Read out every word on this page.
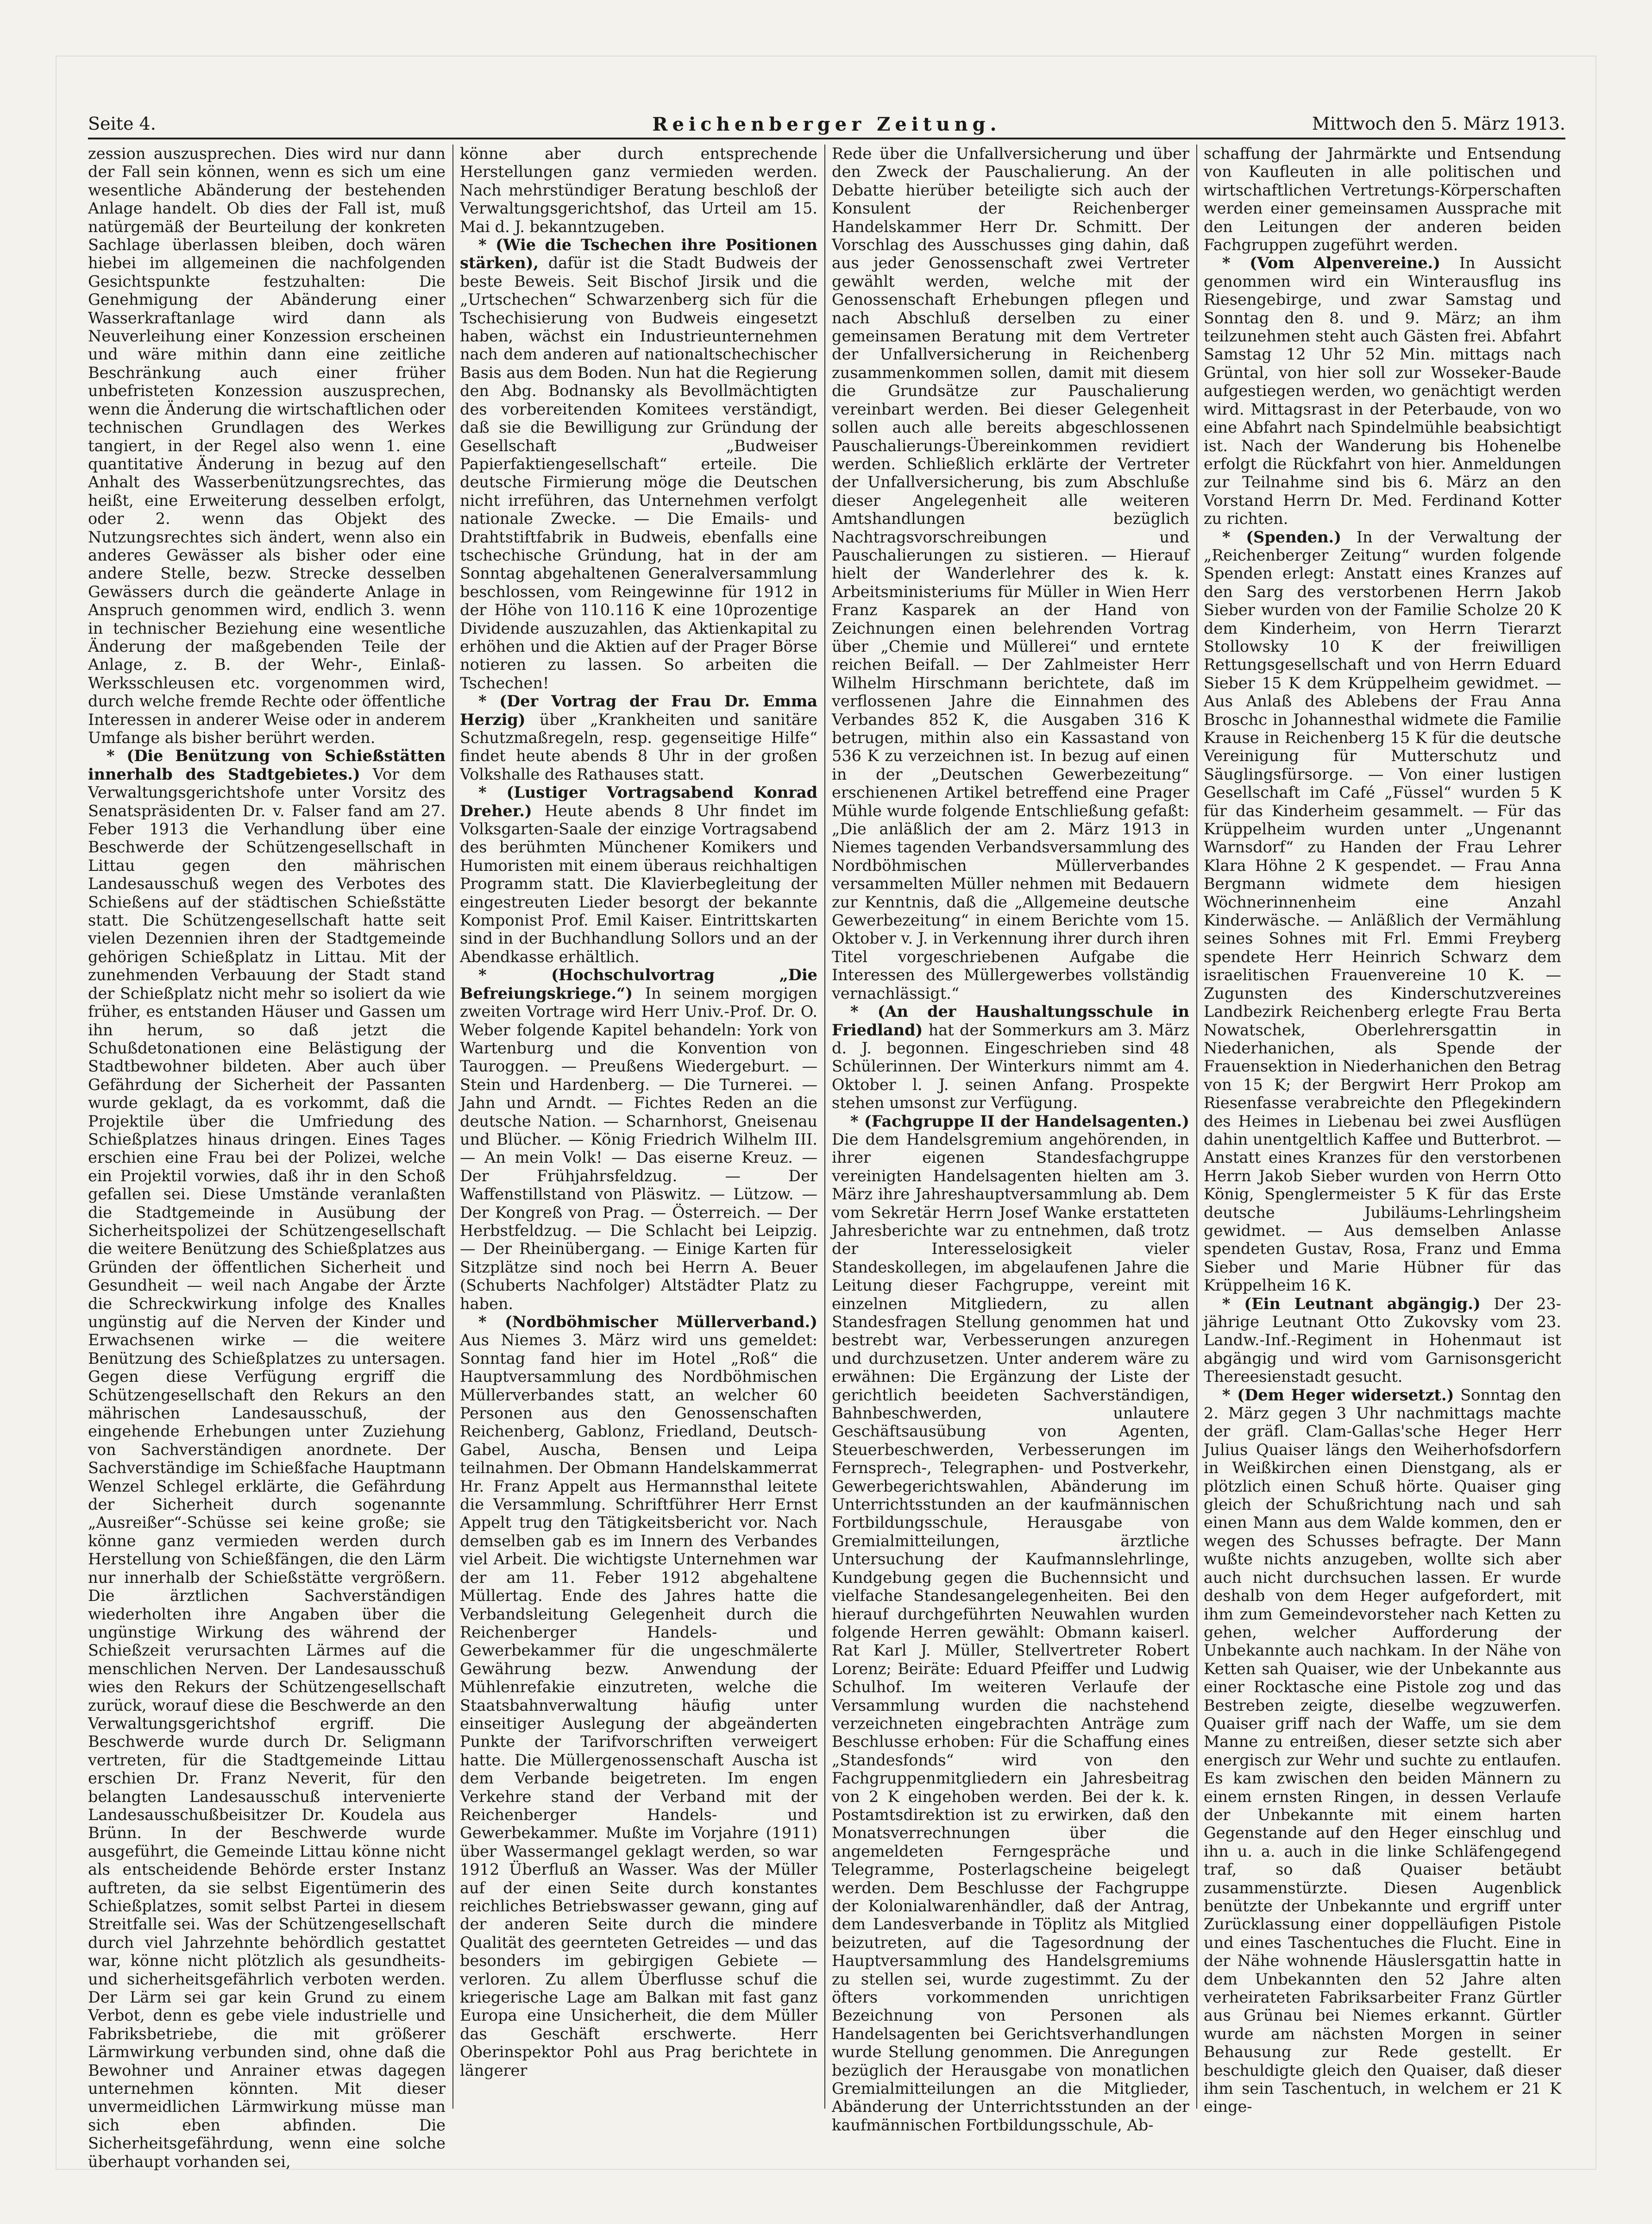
Seite 4.	Reichenberger Zeitung.	Mittwoch den 5. März 1913.

zession auszusprechen. Dies wird nur dann der Fall sein können, wenn es sich um eine wesentliche Abänderung der bestehenden Anlage handelt. Ob dies der Fall ist, muß natürgemäß der Beurteilung der konkreten Sachlage überlassen bleiben, doch wären hiebei im allgemeinen die nachfolgenden Gesichtspunkte festzuhalten: Die Genehmigung der Abänderung einer Wasserkraftanlage wird dann als Neuverleihung einer Konzession erscheinen und wäre mithin dann eine zeitliche Beschränkung auch einer früher unbefristeten Konzession auszusprechen, wenn die Änderung die wirtschaftlichen oder technischen Grundlagen des Werkes tangiert, in der Regel also wenn 1. eine quantitative Änderung in bezug auf den Anhalt des Wasserbenützungsrechtes, das heißt, eine Erweiterung desselben erfolgt, oder 2. wenn das Objekt des Nutzungsrechtes sich ändert, wenn also ein anderes Gewässer als bisher oder eine andere Stelle, bezw. Strecke desselben Gewässers durch die geänderte Anlage in Anspruch genommen wird, endlich 3. wenn in technischer Beziehung eine wesentliche Änderung der maßgebenden Teile der Anlage, z. B. der Wehr-, Einlaß-Werksschleusen etc. vorgenommen wird, durch welche fremde Rechte oder öffentliche Interessen in anderer Weise oder in anderem Umfange als bisher berührt werden.

* (Die Benützung von Schießstätten innerhalb des Stadtgebietes.) Vor dem Verwaltungsgerichtshofe unter Vorsitz des Senatspräsidenten Dr. v. Falser fand am 27. Feber 1913 die Verhandlung über eine Beschwerde der Schützengesellschaft in Littau gegen den mährischen Landesausschuß wegen des Verbotes des Schießens auf der städtischen Schießstätte statt. Die Schützengesellschaft hatte seit vielen Dezennien ihren der Stadtgemeinde gehörigen Schießplatz in Littau. Mit der zunehmenden Verbauung der Stadt stand der Schießplatz nicht mehr so isoliert da wie früher, es entstanden Häuser und Gassen um ihn herum, so daß jetzt die Schußdetonationen eine Belästigung der Stadtbewohner bildeten. Aber auch über Gefährdung der Sicherheit der Passanten wurde geklagt, da es vorkommt, daß die Projektile über die Umfriedung des Schießplatzes hinaus dringen. Eines Tages erschien eine Frau bei der Polizei, welche ein Projektil vorwies, daß ihr in den Schoß gefallen sei. Diese Umstände veranlaßten die Stadtgemeinde in Ausübung der Sicherheitspolizei der Schützengesellschaft die weitere Benützung des Schießplatzes aus Gründen der öffentlichen Sicherheit und Gesundheit — weil nach Angabe der Ärzte die Schreckwirkung infolge des Knalles ungünstig auf die Nerven der Kinder und Erwachsenen wirke — die weitere Benützung des Schießplatzes zu untersagen. Gegen diese Verfügung ergriff die Schützengesellschaft den Rekurs an den mährischen Landesausschuß, der eingehende Erhebungen unter Zuziehung von Sachverständigen anordnete. Der Sachverständige im Schießfache Hauptmann Wenzel Schlegel erklärte, die Gefährdung der Sicherheit durch sogenannte „Ausreißer“-Schüsse sei keine große; sie könne ganz vermieden werden durch Herstellung von Schießfängen, die den Lärm nur innerhalb der Schießstätte vergrößern. Die ärztlichen Sachverständigen wiederholten ihre Angaben über die ungünstige Wirkung des während der Schießzeit verursachten Lärmes auf die menschlichen Nerven. Der Landesausschuß wies den Rekurs der Schützengesellschaft zurück, worauf diese die Beschwerde an den Verwaltungsgerichtshof ergriff. Die Beschwerde wurde durch Dr. Seligmann vertreten, für die Stadtgemeinde Littau erschien Dr. Franz Neverit, für den belangten Landesausschuß intervenierte Landesausschußbeisitzer Dr. Koudela aus Brünn. In der Beschwerde wurde ausgeführt, die Gemeinde Littau könne nicht als entscheidende Behörde erster Instanz auftreten, da sie selbst Eigentümerin des Schießplatzes, somit selbst Partei in diesem Streitfalle sei. Was der Schützengesellschaft durch viel Jahrzehnte behördlich gestattet war, könne nicht plötzlich als gesundheits- und sicherheitsgefährlich verboten werden. Der Lärm sei gar kein Grund zu einem Verbot, denn es gebe viele industrielle und Fabriksbetriebe, die mit größerer Lärmwirkung verbunden sind, ohne daß die Bewohner und Anrainer etwas dagegen unternehmen könnten. Mit dieser unvermeidlichen Lärmwirkung müsse man sich eben abfinden. Die Sicherheitsgefährdung, wenn eine solche überhaupt vorhanden sei,

könne aber durch entsprechende Herstellungen ganz vermieden werden. Nach mehrstündiger Beratung beschloß der Verwaltungsgerichtshof, das Urteil am 15. Mai d. J. bekanntzugeben.

* (Wie die Tschechen ihre Positionen stärken), dafür ist die Stadt Budweis der beste Beweis. Seit Bischof Jirsik und die „Urtschechen“ Schwarzenberg sich für die Tschechisierung von Budweis eingesetzt haben, wächst ein Industrieunternehmen nach dem anderen auf nationaltschechischer Basis aus dem Boden. Nun hat die Regierung den Abg. Bodnansky als Bevollmächtigten des vorbereitenden Komitees verständigt, daß sie die Bewilligung zur Gründung der Gesellschaft „Budweiser Papierfaktiengesellschaft“ erteile. Die deutsche Firmierung möge die Deutschen nicht irreführen, das Unternehmen verfolgt nationale Zwecke. — Die Emails- und Drahtstiftfabrik in Budweis, ebenfalls eine tschechische Gründung, hat in der am Sonntag abgehaltenen Generalversammlung beschlossen, vom Reingewinne für 1912 in der Höhe von 110.116 K eine 10prozentige Dividende auszuzahlen, das Aktienkapital zu erhöhen und die Aktien auf der Prager Börse notieren zu lassen. So arbeiten die Tschechen!

* (Der Vortrag der Frau Dr. Emma Herzig) über „Krankheiten und sanitäre Schutzmaßregeln, resp. gegenseitige Hilfe“ findet heute abends 8 Uhr in der großen Volkshalle des Rathauses statt.

* (Lustiger Vortragsabend Konrad Dreher.) Heute abends 8 Uhr findet im Volksgarten-Saale der einzige Vortragsabend des berühmten Münchener Komikers und Humoristen mit einem überaus reichhaltigen Programm statt. Die Klavierbegleitung der eingestreuten Lieder besorgt der bekannte Komponist Prof. Emil Kaiser. Eintrittskarten sind in der Buchhandlung Sollors und an der Abendkasse erhältlich.

* (Hochschulvortrag „Die Befreiungskriege.“) In seinem morgigen zweiten Vortrage wird Herr Univ.-Prof. Dr. O. Weber folgende Kapitel behandeln: York von Wartenburg und die Konvention von Tauroggen. — Preußens Wiedergeburt. — Stein und Hardenberg. — Die Turnerei. — Jahn und Arndt. — Fichtes Reden an die deutsche Nation. — Scharnhorst, Gneisenau und Blücher. — König Friedrich Wilhelm III. — An mein Volk! — Das eiserne Kreuz. — Der Frühjahrsfeldzug. — Der Waffenstillstand von Pläswitz. — Lützow. — Der Kongreß von Prag. — Österreich. — Der Herbstfeldzug. — Die Schlacht bei Leipzig. — Der Rheinübergang. — Einige Karten für Sitzplätze sind noch bei Herrn A. Beuer (Schuberts Nachfolger) Altstädter Platz zu haben.

* (Nordböhmischer Müllerverband.) Aus Niemes 3. März wird uns gemeldet: Sonntag fand hier im Hotel „Roß“ die Hauptversammlung des Nordböhmischen Müllerverbandes statt, an welcher 60 Personen aus den Genossenschaften Reichenberg, Gablonz, Friedland, Deutsch-Gabel, Auscha, Bensen und Leipa teilnahmen. Der Obmann Handelskammerrat Hr. Franz Appelt aus Hermannsthal leitete die Versammlung. Schriftführer Herr Ernst Appelt trug den Tätigkeitsbericht vor. Nach demselben gab es im Innern des Verbandes viel Arbeit. Die wichtigste Unternehmen war der am 11. Feber 1912 abgehaltene Müllertag. Ende des Jahres hatte die Verbandsleitung Gelegenheit durch die Reichenberger Handels- und Gewerbekammer für die ungeschmälerte Gewährung bezw. Anwendung der Mühlenrefakie einzutreten, welche die Staatsbahnverwaltung häufig unter einseitiger Auslegung der abgeänderten Punkte der Tarifvorschriften verweigert hatte. Die Müllergenossenschaft Auscha ist dem Verbande beigetreten. Im engen Verkehre stand der Verband mit der Reichenberger Handels- und Gewerbekammer. Mußte im Vorjahre (1911) über Wassermangel geklagt werden, so war 1912 Überfluß an Wasser. Was der Müller auf der einen Seite durch konstantes reichliches Betriebswasser gewann, ging auf der anderen Seite durch die mindere Qualität des geernteten Getreides — und das besonders im gebirgigen Gebiete — verloren. Zu allem Überflusse schuf die kriegerische Lage am Balkan mit fast ganz Europa eine Unsicherheit, die dem Müller das Geschäft erschwerte. Herr Oberinspektor Pohl aus Prag berichtete in längerer

Rede über die Unfallversicherung und über den Zweck der Pauschalierung. An der Debatte hierüber beteiligte sich auch der Konsulent der Reichenberger Handelskammer Herr Dr. Schmitt. Der Vorschlag des Ausschusses ging dahin, daß aus jeder Genossenschaft zwei Vertreter gewählt werden, welche mit der Genossenschaft Erhebungen pflegen und nach Abschluß derselben zu einer gemeinsamen Beratung mit dem Vertreter der Unfallversicherung in Reichenberg zusammenkommen sollen, damit mit diesem die Grundsätze zur Pauschalierung vereinbart werden. Bei dieser Gelegenheit sollen auch alle bereits abgeschlossenen Pauschalierungs-Übereinkommen revidiert werden. Schließlich erklärte der Vertreter der Unfallversicherung, bis zum Abschluße dieser Angelegenheit alle weiteren Amtshandlungen bezüglich Nachtragsvorschreibungen und Pauschalierungen zu sistieren. — Hierauf hielt der Wanderlehrer des k. k. Arbeitsministeriums für Müller in Wien Herr Franz Kasparek an der Hand von Zeichnungen einen belehrenden Vortrag über „Chemie und Müllerei“ und erntete reichen Beifall. — Der Zahlmeister Herr Wilhelm Hirschmann berichtete, daß im verflossenen Jahre die Einnahmen des Verbandes 852 K, die Ausgaben 316 K betrugen, mithin also ein Kassastand von 536 K zu verzeichnen ist. In bezug auf einen in der „Deutschen Gewerbezeitung“ erschienenen Artikel betreffend eine Prager Mühle wurde folgende Entschließung gefaßt: „Die anläßlich der am 2. März 1913 in Niemes tagenden Verbandsversammlung des Nordböhmischen Müllerverbandes versammelten Müller nehmen mit Bedauern zur Kenntnis, daß die „Allgemeine deutsche Gewerbezeitung“ in einem Berichte vom 15. Oktober v. J. in Verkennung ihrer durch ihren Titel vorgeschriebenen Aufgabe die Interessen des Müllergewerbes vollständig vernachlässigt.“

* (An der Haushaltungsschule in Friedland) hat der Sommerkurs am 3. März d. J. begonnen. Eingeschrieben sind 48 Schülerinnen. Der Winterkurs nimmt am 4. Oktober l. J. seinen Anfang. Prospekte stehen umsonst zur Verfügung.

* (Fachgruppe II der Handelsagenten.) Die dem Handelsgremium angehörenden, in ihrer eigenen Standesfachgruppe vereinigten Handelsagenten hielten am 3. März ihre Jahreshauptversammlung ab. Dem vom Sekretär Herrn Josef Wanke erstatteten Jahresberichte war zu entnehmen, daß trotz der Interesselosigkeit vieler Standeskollegen, im abgelaufenen Jahre die Leitung dieser Fachgruppe, vereint mit einzelnen Mitgliedern, zu allen Standesfragen Stellung genommen hat und bestrebt war, Verbesserungen anzuregen und durchzusetzen. Unter anderem wäre zu erwähnen: Die Ergänzung der Liste der gerichtlich beeideten Sachverständigen, Bahnbeschwerden, unlautere Geschäftsausübung von Agenten, Steuerbeschwerden, Verbesserungen im Fernsprech-, Telegraphen- und Postverkehr, Gewerbegerichtswahlen, Abänderung im Unterrichtsstunden an der kaufmännischen Fortbildungsschule, Herausgabe von Gremialmitteilungen, ärztliche Untersuchung der Kaufmannslehrlinge, Kundgebung gegen die Buchennsicht und vielfache Standesangelegenheiten. Bei den hierauf durchgeführten Neuwahlen wurden folgende Herren gewählt: Obmann kaiserl. Rat Karl J. Müller, Stellvertreter Robert Lorenz; Beiräte: Eduard Pfeiffer und Ludwig Schulhof. Im weiteren Verlaufe der Versammlung wurden die nachstehend verzeichneten eingebrachten Anträge zum Beschlusse erhoben: Für die Schaffung eines „Standesfonds“ wird von den Fachgruppenmitgliedern ein Jahresbeitrag von 2 K eingehoben werden. Bei der k. k. Postamtsdirektion ist zu erwirken, daß den Monatsverrechnungen über die angemeldeten Ferngespräche und Telegramme, Posterlagscheine beigelegt werden. Dem Beschlusse der Fachgruppe der Kolonialwarenhändler, daß der Antrag, dem Landesverbande in Töplitz als Mitglied beizutreten, auf die Tagesordnung der Hauptversammlung des Handelsgremiums zu stellen sei, wurde zugestimmt. Zu der öfters vorkommenden unrichtigen Bezeichnung von Personen als Handelsagenten bei Gerichtsverhandlungen wurde Stellung genommen. Die Anregungen bezüglich der Herausgabe von monatlichen Gremialmitteilungen an die Mitglieder, Abänderung der Unterrichtsstunden an der kaufmännischen Fortbildungsschule, Ab-

schaffung der Jahrmärkte und Entsendung von Kaufleuten in alle politischen und wirtschaftlichen Vertretungs-Körperschaften werden einer gemeinsamen Aussprache mit den Leitungen der anderen beiden Fachgruppen zugeführt werden.

* (Vom Alpenvereine.) In Aussicht genommen wird ein Winterausflug ins Riesengebirge, und zwar Samstag und Sonntag den 8. und 9. März; an ihm teilzunehmen steht auch Gästen frei. Abfahrt Samstag 12 Uhr 52 Min. mittags nach Grüntal, von hier soll zur Wosseker-Baude aufgestiegen werden, wo genächtigt werden wird. Mittagsrast in der Peterbaude, von wo eine Abfahrt nach Spindelmühle beabsichtigt ist. Nach der Wanderung bis Hohenelbe erfolgt die Rückfahrt von hier. Anmeldungen zur Teilnahme sind bis 6. März an den Vorstand Herrn Dr. Med. Ferdinand Kotter zu richten.

* (Spenden.) In der Verwaltung der „Reichenberger Zeitung“ wurden folgende Spenden erlegt: Anstatt eines Kranzes auf den Sarg des verstorbenen Herrn Jakob Sieber wurden von der Familie Scholze 20 K dem Kinderheim, von Herrn Tierarzt Stollowsky 10 K der freiwilligen Rettungsgesellschaft und von Herrn Eduard Sieber 15 K dem Krüppelheim gewidmet. — Aus Anlaß des Ablebens der Frau Anna Broschc in Johannesthal widmete die Familie Krause in Reichenberg 15 K für die deutsche Vereinigung für Mutterschutz und Säuglingsfürsorge. — Von einer lustigen Gesellschaft im Café „Füssel“ wurden 5 K für das Kinderheim gesammelt. — Für das Krüppelheim wurden unter „Ungenannt Warnsdorf“ zu Handen der Frau Lehrer Klara Höhne 2 K gespendet. — Frau Anna Bergmann widmete dem hiesigen Wöchnerinnenheim eine Anzahl Kinderwäsche. — Anläßlich der Vermählung seines Sohnes mit Frl. Emmi Freyberg spendete Herr Heinrich Schwarz dem israelitischen Frauenvereine 10 K. — Zugunsten des Kinderschutzvereines Landbezirk Reichenberg erlegte Frau Berta Nowatschek, Oberlehrersgattin in Niederhanichen, als Spende der Frauensektion in Niederhanichen den Betrag von 15 K; der Bergwirt Herr Prokop am Riesenfasse verabreichte den Pflegekindern des Heimes in Liebenau bei zwei Ausflügen dahin unentgeltlich Kaffee und Butterbrot. — Anstatt eines Kranzes für den verstorbenen Herrn Jakob Sieber wurden von Herrn Otto König, Spenglermeister 5 K für das Erste deutsche Jubiläums-Lehrlingsheim gewidmet. — Aus demselben Anlasse spendeten Gustav, Rosa, Franz und Emma Sieber und Marie Hübner für das Krüppelheim 16 K.

* (Ein Leutnant abgängig.) Der 23-jährige Leutnant Otto Zukovsky vom 23. Landw.-Inf.-Regiment in Hohenmaut ist abgängig und wird vom Garnisonsgericht Thereesienstadt gesucht.

* (Dem Heger widersetzt.) Sonntag den 2. März gegen 3 Uhr nachmittags machte der gräfl. Clam-Gallas'sche Heger Herr Julius Quaiser längs den Weiherhofsdorfern in Weißkirchen einen Dienstgang, als er plötzlich einen Schuß hörte. Quaiser ging gleich der Schußrichtung nach und sah einen Mann aus dem Walde kommen, den er wegen des Schusses befragte. Der Mann wußte nichts anzugeben, wollte sich aber auch nicht durchsuchen lassen. Er wurde deshalb von dem Heger aufgefordert, mit ihm zum Gemeindevorsteher nach Ketten zu gehen, welcher Aufforderung der Unbekannte auch nachkam. In der Nähe von Ketten sah Quaiser, wie der Unbekannte aus einer Rocktasche eine Pistole zog und das Bestreben zeigte, dieselbe wegzuwerfen. Quaiser griff nach der Waffe, um sie dem Manne zu entreißen, dieser setzte sich aber energisch zur Wehr und suchte zu entlaufen. Es kam zwischen den beiden Männern zu einem ernsten Ringen, in dessen Verlaufe der Unbekannte mit einem harten Gegenstande auf den Heger einschlug und ihn u. a. auch in die linke Schläfengegend traf, so daß Quaiser betäubt zusammenstürzte. Diesen Augenblick benützte der Unbekannte und ergriff unter Zurücklassung einer doppelläufigen Pistole und eines Taschentuches die Flucht. Eine in der Nähe wohnende Häuslersgattin hatte in dem Unbekannten den 52 Jahre alten verheirateten Fabriksarbeiter Franz Gürtler aus Grünau bei Niemes erkannt. Gürtler wurde am nächsten Morgen in seiner Behausung zur Rede gestellt. Er beschuldigte gleich den Quaiser, daß dieser ihm sein Taschentuch, in welchem er 21 K einge-
